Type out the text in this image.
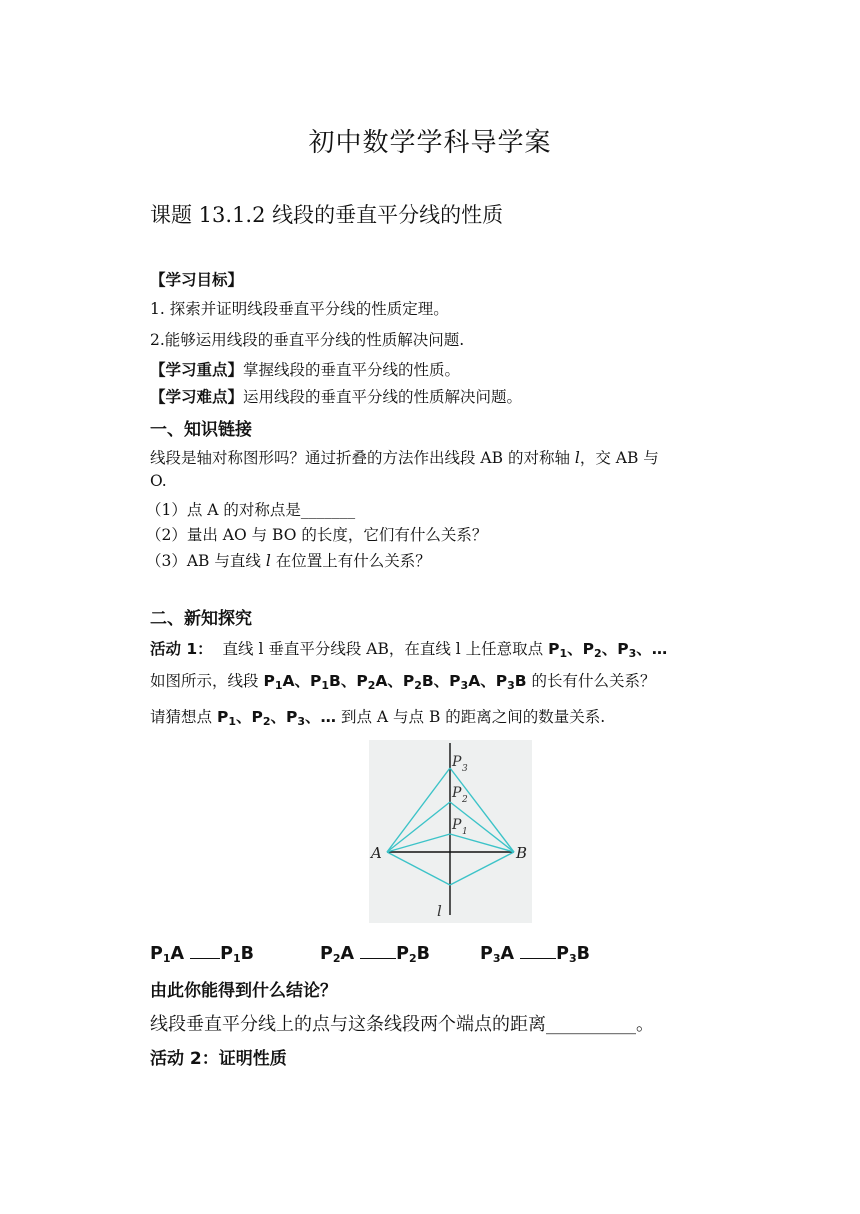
初中数学学科导学案
课题 13.1.2 线段的垂直平分线的性质
【学习目标】
1. 探索并证明线段垂直平分线的性质定理。
2.能够运用线段的垂直平分线的性质解决问题.
【学习重点】掌握线段的垂直平分线的性质。
【学习难点】运用线段的垂直平分线的性质解决问题。
一、知识链接
线段是轴对称图形吗？通过折叠的方法作出线段 AB 的对称轴 l，交 AB 与
O.
（1）点 A 的对称点是_______
（2）量出 AO 与 BO 的长度，它们有什么关系？
（3）AB 与直线 l 在位置上有什么关系？
二、新知探究
活动 1： 直线 l 垂直平分线段 AB，在直线 l 上任意取点 $P_1$、$P_2$、$P_3$、…
如图所示，线段 $P_1A$、$P_1B$、$P_2A$、$P_2B$、$P_3A$、$P_3B$ 的长有什么关系？
请猜想点 $P_1$、$P_2$、$P_3$、… 到点 A 与点 B 的距离之间的数量关系.
A	B
P 3
P 2
P 1
l
$P_1A$ $P_1B$	$P_2A$ $P_2B$	$P_3A$ $P_3B$
由此你能得到什么结论？
线段垂直平分线上的点与这条线段两个端点的距离__________。
活动 2：证明性质
